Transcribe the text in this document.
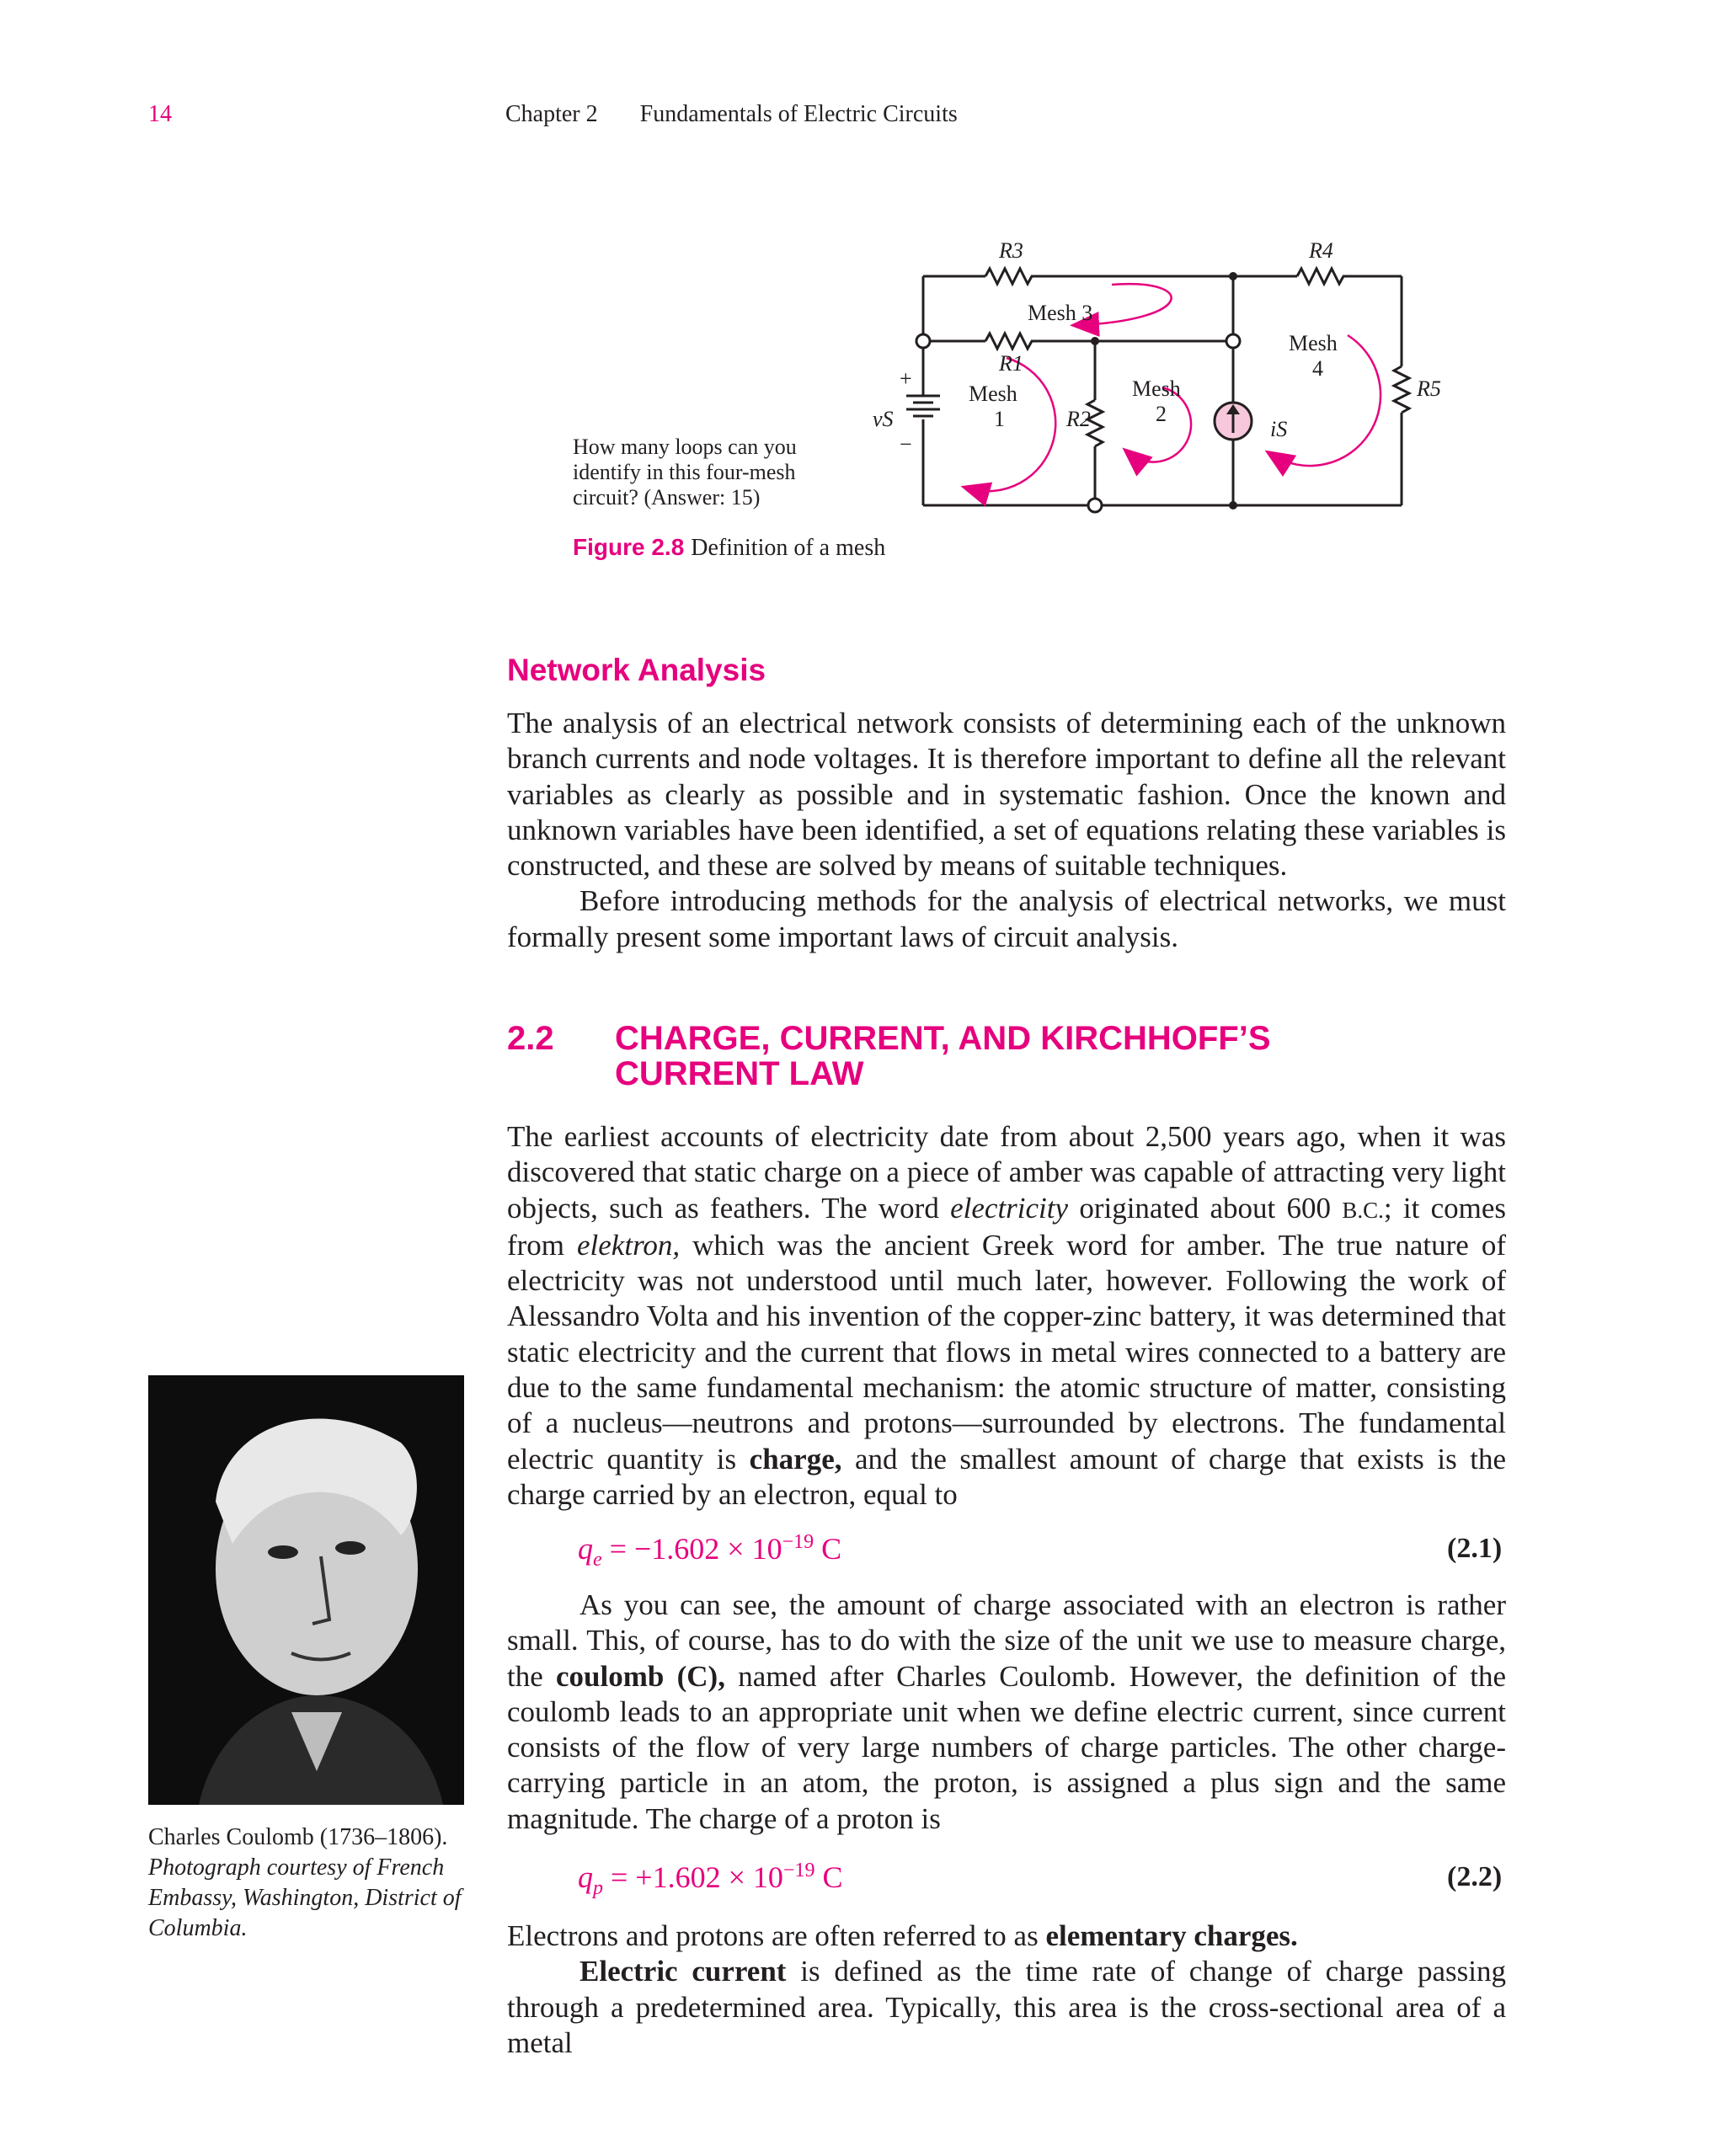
14	Chapter 2 Fundamentals of Electric Circuits
R3	R4
R1
R2
R5
Mesh 3
Mesh
1
Mesh
2
Mesh
4
vS	iS
+
−
How many loops can you identify in this four-mesh circuit? (Answer: 15)
Figure 2.8 Definition of a mesh
Network Analysis

The analysis of an electrical network consists of determining each of the unknown branch currents and node voltages. It is therefore important to define all the relevant variables as clearly as possible and in systematic fashion. Once the known and unknown variables have been identified, a set of equations relating these variables is constructed, and these are solved by means of suitable techniques.

Before introducing methods for the analysis of electrical networks, we must formally present some important laws of circuit analysis.

2.2 CHARGE, CURRENT, AND KIRCHHOFF’S
CURRENT LAW

The earliest accounts of electricity date from about 2,500 years ago, when it was discovered that static charge on a piece of amber was capable of attracting very light objects, such as feathers. The word electricity originated about 600 B.C.; it comes from elektron, which was the ancient Greek word for amber. The true nature of electricity was not understood until much later, however. Following the work of Alessandro Volta and his invention of the copper-zinc battery, it was determined that static electricity and the current that flows in metal wires connected to a battery are due to the same fundamental mechanism: the atomic structure of matter, consisting of a nucleus—neutrons and protons—surrounded by electrons. The fundamental electric quantity is charge, and the smallest amount of charge that exists is the charge carried by an electron, equal to

$q_e = -1.602 \times 10^{-19}$ C	(2.1)

As you can see, the amount of charge associated with an electron is rather small. This, of course, has to do with the size of the unit we use to measure charge, the coulomb (C), named after Charles Coulomb. However, the definition of the coulomb leads to an appropriate unit when we define electric current, since current consists of the flow of very large numbers of charge particles. The other charge-carrying particle in an atom, the proton, is assigned a plus sign and the same magnitude. The charge of a proton is

$q_p = +1.602 \times 10^{-19}$ C	(2.2)

Electrons and protons are often referred to as elementary charges.

Electric current is defined as the time rate of change of charge passing through a predetermined area. Typically, this area is the cross-sectional area of a metal

Charles Coulomb (1736–1806).
Photograph courtesy of French Embassy, Washington, District of Columbia.
